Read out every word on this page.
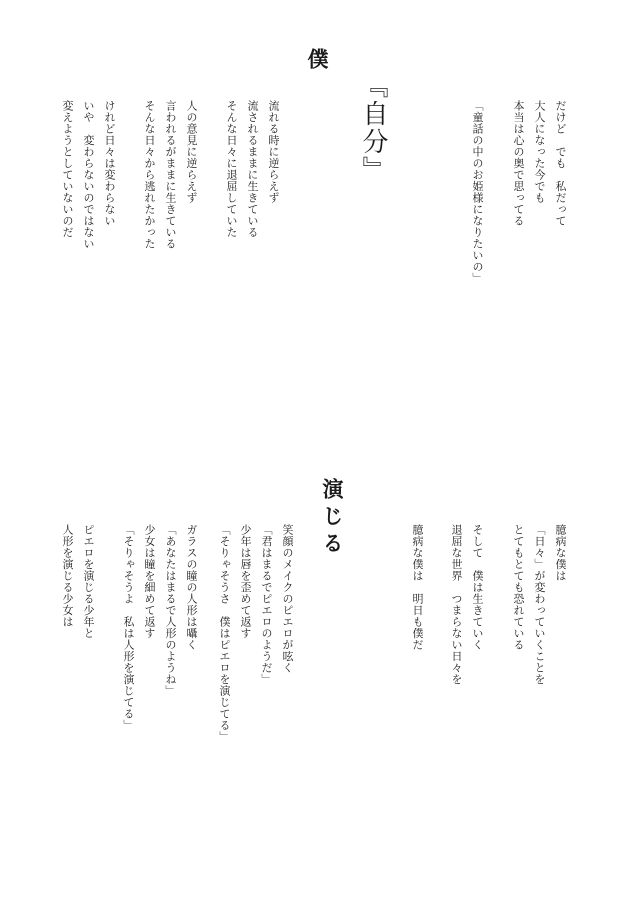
『自分』
僕
だけど　でも　私だって
大人になった今でも
本当は心の奥で思ってる
「童話の中のお姫様になりたいの」
流れる時に逆らえず
流されるままに生きている
そんな日々に退屈していた
人の意見に逆らえず
言われるがままに生きている
そんな日々から逃れたかった
けれど日々は変わらない
いや　変わらないのではない
変えようとしていないのだ
演じる	臆病な僕は
「日々」が変わっていくことを
とてもとても恐れている
そして　僕は生きていく
退屈な世界　つまらない日々を
臆病な僕は　明日も僕だ
笑顔のメイクのピエロが呟く
「君はまるでピエロのようだ」
少年は唇を歪めて返す
「そりゃそうさ　僕はピエロを演じてる」
ガラスの瞳の人形は囁く
「あなたはまるで人形のようね」
少女は瞳を細めて返す
「そりゃそうよ　私は人形を演じてる」
ピエロを演じる少年と
人形を演じる少女は
